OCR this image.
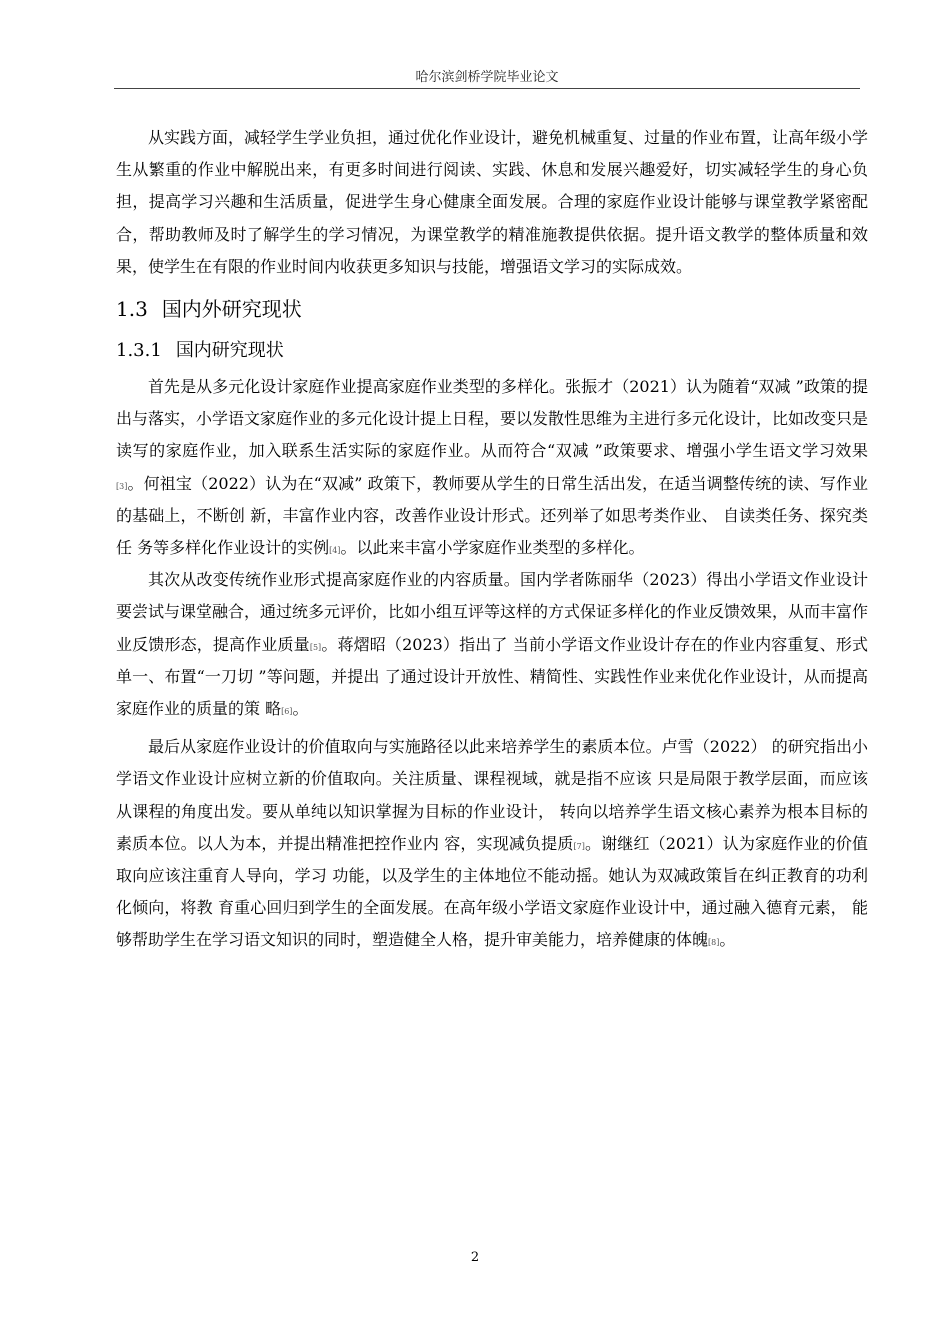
哈尔滨剑桥学院毕业论文

从实践方面，减轻学生学业负担，通过优化作业设计，避免机械重复、过量的作业布置，让高年级小学生从繁重的作业中解脱出来，有更多时间进行阅读、实践、休息和发展兴趣爱好，切实减轻学生的身心负担，提高学习兴趣和生活质量，促进学生身心健康全面发展。合理的家庭作业设计能够与课堂教学紧密配合，帮助教师及时了解学生的学习情况，为课堂教学的精准施教提供依据。提升语文教学的整体质量和效果，使学生在有限的作业时间内收获更多知识与技能，增强语文学习的实际成效。

1.3 国内外研究现状
1.3.1 国内研究现状

首先是从多元化设计家庭作业提高家庭作业类型的多样化。张振才（2021）认为随着“双减 ”政策的提出与落实，小学语文家庭作业的多元化设计提上日程，要以发散性思维为主进行多元化设计，比如改变只是读写的家庭作业，加入联系生活实际的家庭作业。从而符合“双减 ”政策要求、增强小学生语文学习效果[3]。何祖宝（2022）认为在“双减” 政策下，教师要从学生的日常生活出发，在适当调整传统的读、写作业的基础上，不断创 新，丰富作业内容，改善作业设计形式。还列举了如思考类作业、 自读类任务、探究类任 务等多样化作业设计的实例[4]。以此来丰富小学家庭作业类型的多样化。

其次从改变传统作业形式提高家庭作业的内容质量。国内学者陈丽华（2023）得出小学语文作业设计要尝试与课堂融合，通过统多元评价，比如小组互评等这样的方式保证多样化的作业反馈效果，从而丰富作业反馈形态，提高作业质量[5]。蒋熠昭（2023）指出了 当前小学语文作业设计存在的作业内容重复、形式单一、布置“一刀切 ”等问题，并提出 了通过设计开放性、精简性、实践性作业来优化作业设计，从而提高家庭作业的质量的策 略[6]。

最后从家庭作业设计的价值取向与实施路径以此来培养学生的素质本位。卢雪（2022） 的研究指出小学语文作业设计应树立新的价值取向。关注质量、课程视域，就是指不应该 只是局限于教学层面，而应该从课程的角度出发。要从单纯以知识掌握为目标的作业设计， 转向以培养学生语文核心素养为根本目标的素质本位。以人为本，并提出精准把控作业内 容，实现减负提质[7]。谢继红（2021）认为家庭作业的价值取向应该注重育人导向，学习 功能，以及学生的主体地位不能动摇。她认为双减政策旨在纠正教育的功利化倾向，将教 育重心回归到学生的全面发展。在高年级小学语文家庭作业设计中，通过融入德育元素， 能够帮助学生在学习语文知识的同时，塑造健全人格，提升审美能力，培养健康的体魄[8]。

2
